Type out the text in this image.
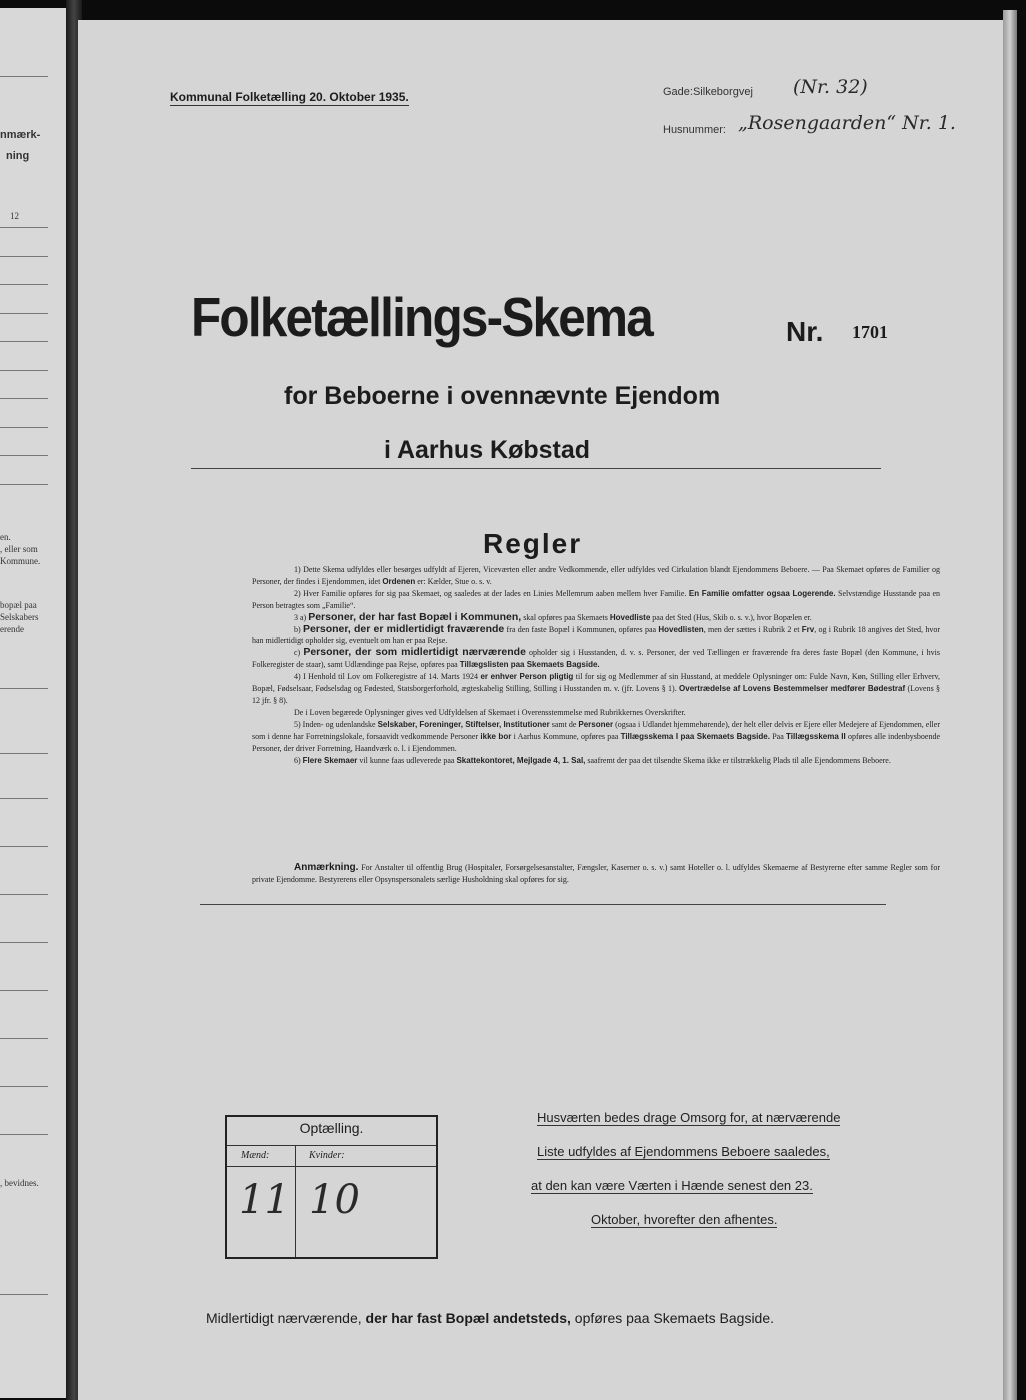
nmærk-
ning
12
en.
, eller som
Kommune.
bopæl paa
Selskabers
erende
, bevidnes.
Kommunal Folketælling 20. Oktober 1935.	Gade:Silkeborgvej (Nr. 32)
Husnummer: „Rosengaarden“ Nr. 1.
Folketællings-Skema	Nr. 1701
for Beboerne i ovennævnte Ejendom
i Aarhus Købstad
Regler

1) Dette Skema udfyldes eller besørges udfyldt af Ejeren, Viceværten eller andre Vedkommende, eller udfyldes ved Cirkulation blandt Ejendommens Beboere. — Paa Skemaet opføres de Familier og Personer, der findes i Ejendommen, idet Ordenen er: Kælder, Stue o. s. v.

2) Hver Familie opføres for sig paa Skemaet, og saaledes at der lades en Linies Mellemrum aaben mellem hver Familie. En Familie omfatter ogsaa Logerende. Selvstændige Husstande paa en Person betragtes som „Familie“.

3 a) Personer, der har fast Bopæl i Kommunen, skal opføres paa Skemaets Hovedliste paa det Sted (Hus, Skib o. s. v.), hvor Bopælen er.

b) Personer, der er midlertidigt fraværende fra den faste Bopæl i Kommunen, opføres paa Hovedlisten, men der sættes i Rubrik 2 et Frv, og i Rubrik 18 angives det Sted, hvor han midlertidigt opholder sig, eventuelt om han er paa Rejse.

c) Personer, der som midlertidigt nærværende opholder sig i Husstanden, d. v. s. Personer, der ved Tællingen er fraværende fra deres faste Bopæl (den Kommune, i hvis Folkeregister de staar), samt Udlændinge paa Rejse, opføres paa Tillægslisten paa Skemaets Bagside.

4) I Henhold til Lov om Folkeregistre af 14. Marts 1924 er enhver Person pligtig til for sig og Medlemmer af sin Husstand, at meddele Oplysninger om: Fulde Navn, Køn, Stilling eller Erhverv, Bopæl, Fødselsaar, Fødselsdag og Fødested, Statsborgerforhold, ægteskabelig Stilling, Stilling i Husstanden m. v. (jfr. Lovens § 1). Overtrædelse af Lovens Bestemmelser medfører Bødestraf (Lovens § 12 jfr. § 8).

De i Loven begærede Oplysninger gives ved Udfyldelsen af Skemaet i Overensstemmelse med Rubrikkernes Overskrifter.

5) Inden- og udenlandske Selskaber, Foreninger, Stiftelser, Institutioner samt de Personer (ogsaa i Udlandet hjemmehørende), der helt eller delvis er Ejere eller Medejere af Ejendommen, eller som i denne har Forretningslokale, forsaavidt vedkommende Personer ikke bor i Aarhus Kommune, opføres paa Tillægsskema I paa Skemaets Bagside. Paa Tillægsskema II opføres alle indenbysboende Personer, der driver Forretning, Haandværk o. l. i Ejendommen.

6) Flere Skemaer vil kunne faas udleverede paa Skattekontoret, Mejlgade 4, 1. Sal, saafremt der paa det tilsendte Skema ikke er tilstrækkelig Plads til alle Ejendommens Beboere.

Anmærkning. For Anstalter til offentlig Brug (Hospitaler, Forsørgelsesanstalter, Fængsler, Kaserner o. s. v.) samt Hoteller o. l. udfyldes Skemaerne af Bestyrerne efter samme Regler som for private Ejendomme. Bestyrerens eller Opsynspersonalets særlige Husholdning skal opføres for sig.

Optælling.
Mænd:	Kvinder:
11 10
Husværten bedes drage Omsorg for, at nærværende
Liste udfyldes af Ejendommens Beboere saaledes,
at den kan være Værten i Hænde senest den 23.
Oktober, hvorefter den afhentes.
Midlertidigt nærværende, der har fast Bopæl andetsteds, opføres paa Skemaets Bagside.
